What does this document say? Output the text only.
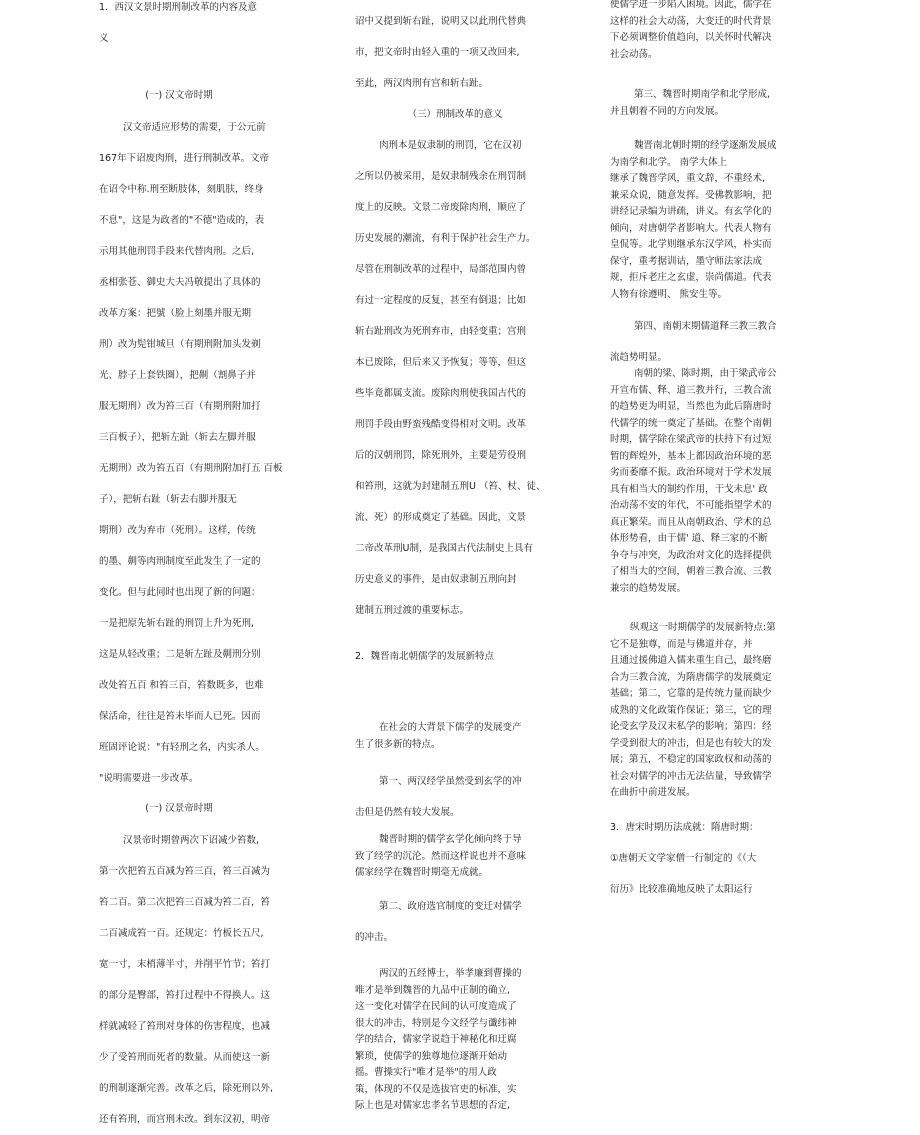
1．西汉文景时期刑制改革的内容及意
义
(一) 汉文帝时期
汉文帝适应形势的需要，于公元前
167年下诏废肉刑，进行刑制改革。文帝
在诏令中称.刑至断肢体，刻肌肤，终身
不息"，这是为政者的"不德"造成的，表
示用其他刑罚手段来代替肉刑。之后,
丞相张苍、御史大夫冯敬提出了具体的
改革方案：把號（脸上刻墨并服无期
刑）改为髡钳城旦（有期刑附加头发剃
光、脖子上套铁圈），把劓（割鼻子并
服无期刑）改为笞三百（有期刑附加打
三百板子），把斩左趾（斩去左脚并服
无期刑）改为笞五百（有期刑附加打五 百板
子），把斩右趾（斩去右脚并服无
期刑）改为弃市（死刑）。这样，传统
的墨、劓等肉刑制度至此发生了一定的
变化。但与此同时也出现了新的问题：
一是把原先斩右趾的刑罚上升为死刑,
这是从轻改重；二是斩左趾及劓刑分别
改处笞五百 和笞三百，笞数既多，也难
保活命，往往是笞未毕而人已死。因而
班固评论说："有轻刑之名，内实杀人。
"说明需要进一步改革。
(一) 汉景帝时期
汉景帝时期曾两次下诏减少笞数,
第一次把笞五百减为笞三百，笞三百减为
笞二百。第二次把笞三百减为笞二百，笞
二百减成笞一百。还规定：竹板长五尺,
宽一寸，末梢薄半寸，并削平竹节；笞打
的部分是臀部，笞打过程中不得换人。这
样就减轻了笞刑对身体的伤害程度，也减
少了受笞刑而死者的数量。从而使这一新
的刑制逐渐完善。改革之后，除死刑以外,
还有笞刑，而宫刑未改。到东汉初，明帝
诏中又提到斩右趾，说明又以此刑代替典
市，把文帝时由轻入重的一项又改回来,
至此，两汉肉刑有宫和斩右趾。
（三）刑制改革的意义
肉刑本是奴隶制的刑罚，它在汉初
之所以仍被采用，是奴隶制残余在刑罚制
度上的反映。文景二帝废除肉刑，顺应了
历史发展的潮流，有利于保护社会生产力。
尽管在刑制改革的过程中，局部范围内曾
有过一定程度的反复，甚至有倒退；比如
斩右趾刑改为死刑弃市，由轻变重；宫刑
本已废除，但后来又予恢复；等等，但这
些毕竟都属支流。废除肉刑使我国古代的
刑罚手段由野蛮残酷变得相对文明。改革
后的汉朝刑罚，除死刑外，主要是劳役刑
和笞刑，这就为封建制五刑U （笞、杖、徒、
流、死）的形成奠定了基础。因此，文景
二帝改革刑U制，是我国古代法制史上具有
历史意义的事件，是由奴隶制五刑向封
建制五刑过渡的重要标志。
2．魏晋南北朝儒学的发展新特点
在社会的大背景下儒学的发展变产
生了很多新的特点。
第一、两汉经学虽然受到玄学的冲
击但是仍然有较大发展。
魏晋时期的儒学玄学化倾向终于导
致了经学的沉沦。然而这样说也并不意味
儒家经学在魏晋时期毫无成就。
第二、政府选官制度的变迁对儒学
的冲击。
两汉的五经博士，举孝廉到曹操的
唯才是举到魏晋的九品中正制的确立,
这一变化对儒学在民间的认可度造成了
很大的冲击，特别是今文经学与谶纬神
学的结合，儒家学说趋于神秘化和迂腐
繁琐，使儒学的独尊地位逐渐开始动
摇。曹操实行"唯才是举"的用人政
策，体现的不仅是选拔官吏的标准，实
际上也是对儒家忠孝名节思想的否定,
使儒学进一步陷入困境。因此，儒学在
这样的社会大动荡，大变迁的时代背景
下必须调整价值趋向，以关怀时代解决
社会动荡。
第三、魏晋时期南学和北学形成,
并且朝着不同的方向发展。
魏晋南北朝时期的经学逐渐发展成
为南学和北学。 南学大体上
继承了魏晋学风，重文辞，不重经术,
兼采众说，随意发挥。受佛教影响，把
讲经记录编为讲疏，讲义。有玄学化的
倾向，对唐朝学者影响大。代表人物有
皇侃等。北学则继承东汉学风，朴实而
保守，重考据训诂，墨守师法家法成
规，拒斥老庄之玄虚，崇尚儒道。代表
人物有徐遵明、 熊安生等。
第四、南朝末期儒道释三教三教合
流趋势明显。
南朝的梁、陈时期，由于梁武帝公
开宣布儒、释、道三教并行，三教合流
的趋势更为明显，当然也为此后隋唐时
代儒学的统一奠定了基础。在整个南朝
时期，儒学除在梁武帝的扶持下有过短
暂的辉煌外，基本上都因政治环境的恶
劣而萎靡不振。政治环境对于学术发展
具有相当大的制约作用，干戈未息' 政
治动荡不安的年代，不可能指望学术的
真正繁荣。而且从南朝政治、学术的总
体形势看，由于儒' 道、释三家的不断
争夺与冲突，为政治对文化的选择提供
了相当大的空间，朝着三教合流、三教
兼宗的趋势发展。
纵观这一时期儒学的发展新特点:第
它不是独尊，而是与佛道并存，并
且通过援佛道入儒来重生自己，最终磨
合为三教合流，为隋唐儒学的发展奠定
基础；第二，它靠的是传统力量而缺少
成熟的文化政策作保证；第三，它的理
论受玄学及汉末私学的影响；第四：经
学受到很大的冲击，但是也有较大的发
展；第五，不稳定的国家政权和动荡的
社会对儒学的冲击无法估量，导致儒学
在曲折中前进发展。
3．唐宋时期历法成就：隋唐时期：
①唐朝天文学家僧一行制定的《（大
衍历》比较准确地反映了太阳运行
